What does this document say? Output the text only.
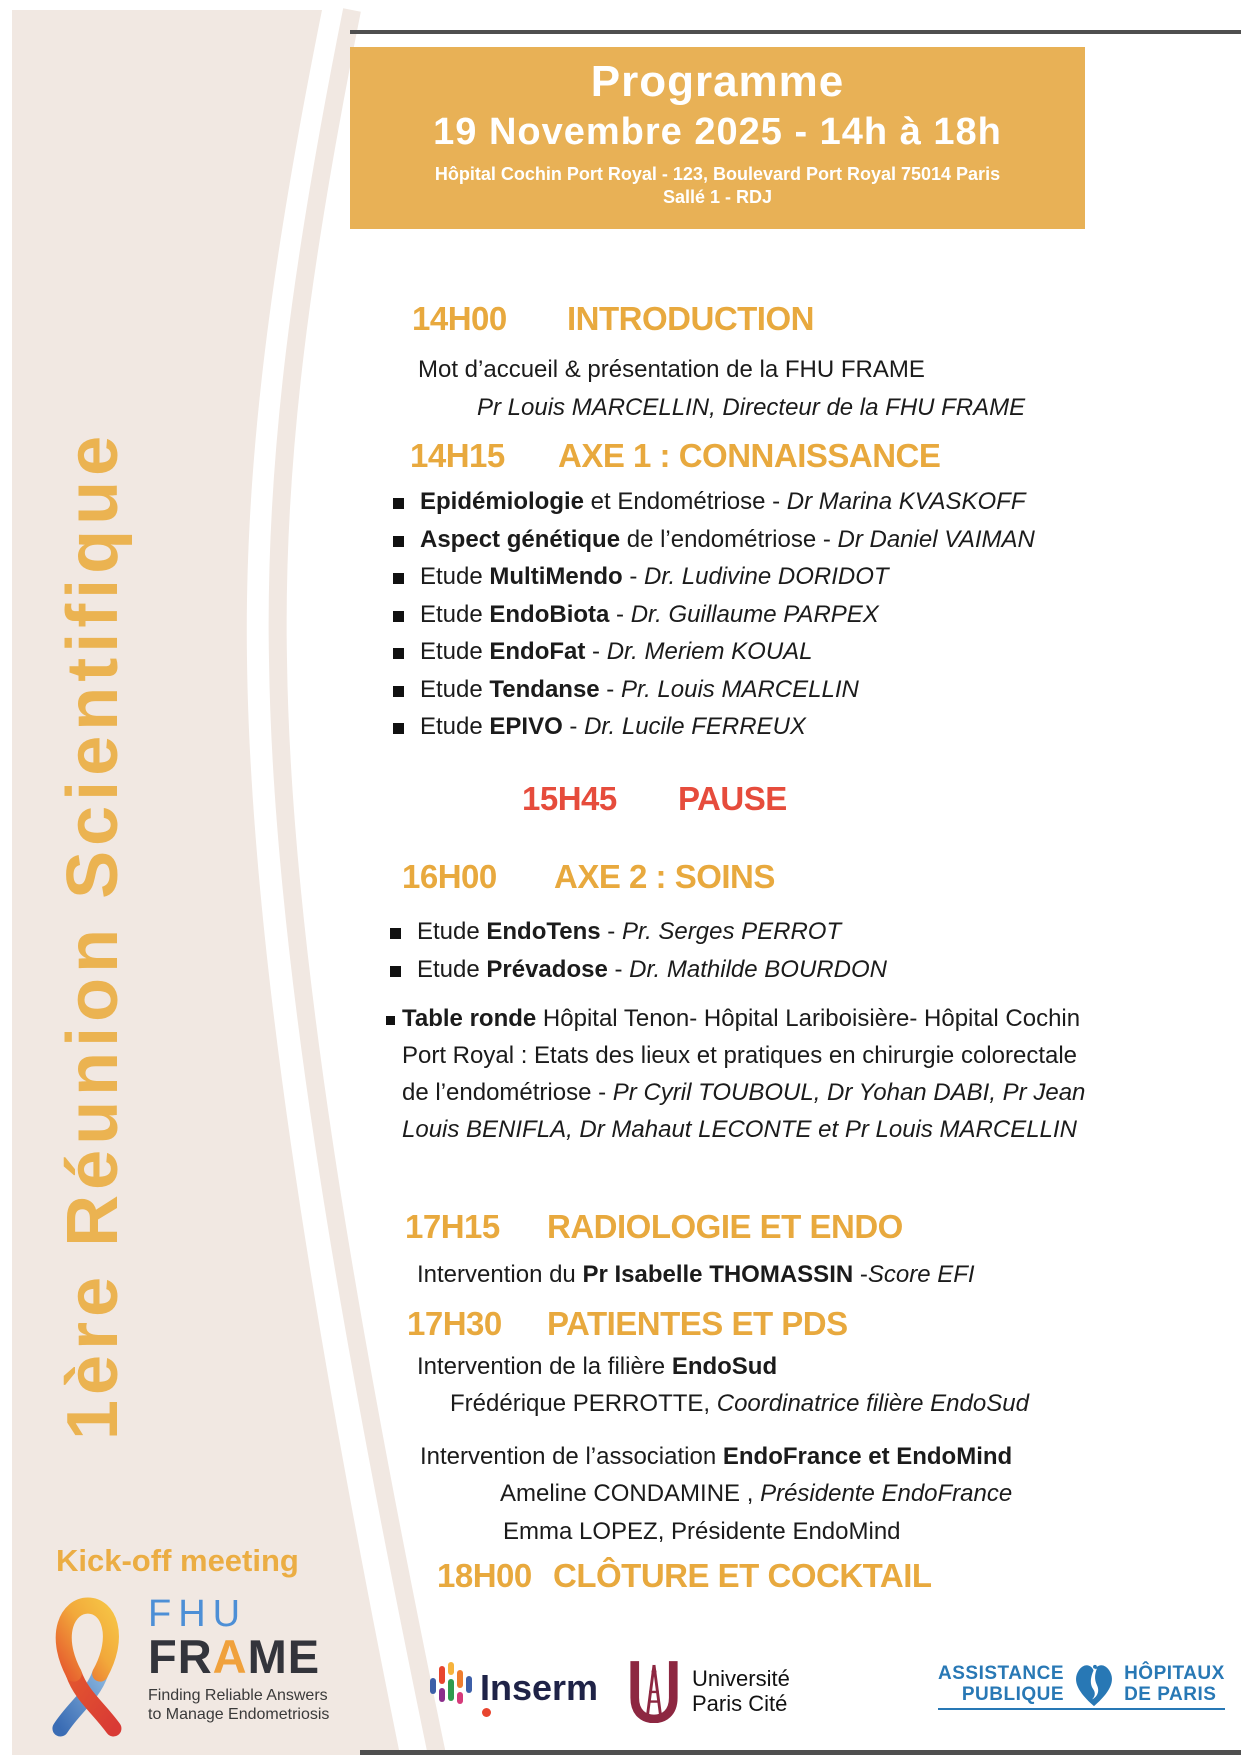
1ère Réunion Scientifique
Kick-off meeting
FHU
FRAME
Finding Reliable Answers
to Manage Endometriosis
Programme
19 Novembre 2025 - 14h à 18h
Hôpital Cochin Port Royal - 123, Boulevard Port Royal 75014 Paris
Sallé 1 - RDJ
14H00 INTRODUCTION
Mot d’accueil & présentation de la FHU FRAME
Pr Louis MARCELLIN, Directeur de la FHU FRAME
14H15 AXE 1 : CONNAISSANCE
Epidémiologie et Endométriose - Dr Marina KVASKOFF
Aspect génétique de l’endométriose - Dr Daniel VAIMAN
Etude MultiMendo - Dr. Ludivine DORIDOT
Etude EndoBiota - Dr. Guillaume PARPEX
Etude EndoFat - Dr. Meriem KOUAL
Etude Tendanse - Pr. Louis MARCELLIN
Etude EPIVO - Dr. Lucile FERREUX
15H45 PAUSE
16H00 AXE 2 : SOINS
Etude EndoTens - Pr. Serges PERROT
Etude Prévadose - Dr. Mathilde BOURDON
Table ronde Hôpital Tenon- Hôpital Lariboisière- Hôpital Cochin Port Royal : Etats des lieux et pratiques en chirurgie colorectale de l’endométriose - Pr Cyril TOUBOUL, Dr Yohan DABI, Pr Jean Louis BENIFLA, Dr Mahaut LECONTE et Pr Louis MARCELLIN
17H15 RADIOLOGIE ET ENDO
Intervention du Pr Isabelle THOMASSIN -Score EFI
17H30 PATIENTES ET PDS
Intervention de la filière EndoSud
Frédérique PERROTTE, Coordinatrice filière EndoSud
Intervention de l’association EndoFrance et EndoMind
Ameline CONDAMINE , Présidente EndoFrance
Emma LOPEZ, Présidente EndoMind
18H00 CLÔTURE ET COCKTAIL
Inserm	Université
Paris Cité
ASSISTANCE
PUBLIQUE
HÔPITAUX
DE PARIS
